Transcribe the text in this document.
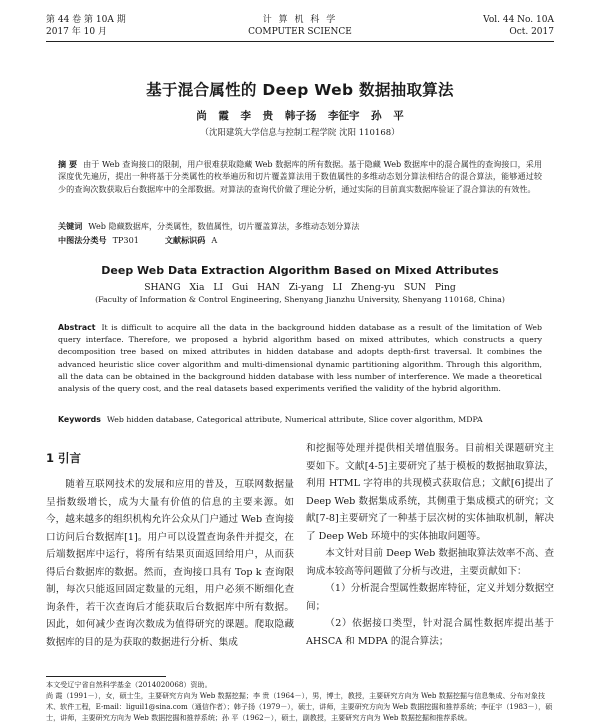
第 44 卷 第 10A 期
2017 年 10 月
计 算 机 科 学
COMPUTER SCIENCE
Vol. 44 No. 10A
Oct. 2017
基于混合属性的 Deep Web 数据抽取算法
尚 霞 李 贵 韩子扬 李征宇 孙 平
（沈阳建筑大学信息与控制工程学院 沈阳 110168）
摘 要 由于 Web 查询接口的限制，用户很难获取隐藏 Web 数据库的所有数据。基于隐藏 Web 数据库中的混合属性的查询接口，采用深度优先遍历，提出一种将基于分类属性的枚举遍历和切片覆盖算法用于数值属性的多维动态划分算法相结合的混合算法，能够通过较少的查询次数获取后台数据库中的全部数据。对算法的查询代价做了理论分析，通过实际的目前真实数据库验证了混合算法的有效性。
关键词 Web 隐藏数据库，分类属性，数值属性，切片覆盖算法，多维动态划分算法
中图法分类号 TP301	文献标识码 A
Deep Web Data Extraction Algorithm Based on Mixed Attributes
SHANG Xia LI Gui HAN Zi-yang LI Zheng-yu SUN Ping
(Faculty of Information & Control Engineering, Shenyang Jianzhu University, Shenyang 110168, China)
Abstract It is difficult to acquire all the data in the background hidden database as a result of the limitation of Web query interface. Therefore, we proposed a hybrid algorithm based on mixed attributes, which constructs a query decomposition tree based on mixed attributes in hidden database and adopts depth-first traversal. It combines the advanced heuristic slice cover algorithm and multi-dimensional dynamic partitioning algorithm. Through this algorithm, all the data can be obtained in the background hidden database with less number of interference. We made a theoretical analysis of the query cost, and the real datasets based experiments verified the validity of the hybrid algorithm.
Keywords Web hidden database, Categorical attribute, Numerical attribute, Slice cover algorithm, MDPA
1 引言

随着互联网技术的发展和应用的普及，互联网数据量呈指数级增长，成为大量有价值的信息的主要来源。如今，越来越多的组织机构允许公众从门户通过 Web 查询接口访问后台数据库[1]。用户可以设置查询条件并提交，在后端数据库中运行，将所有结果页面返回给用户，从而获得后台数据库的数据。然而，查询接口具有 Top k 查询限制，每次只能返回固定数量的元组，用户必须不断细化查询条件，若干次查询后才能获取后台数据库中所有数据。因此，如何减少查询次数成为值得研究的课题。爬取隐藏数据库的目的是为获取的数据进行分析、集成

和挖掘等处理并提供相关增值服务。目前相关课题研究主要如下。文献[4-5]主要研究了基于模板的数据抽取算法，利用 HTML 字符串的共现模式获取信息；文献[6]提出了 Deep Web 数据集成系统，其侧重于集成模式的研究；文献[7-8]主要研究了一种基于层次树的实体抽取机制，解决了 Deep Web 环境中的实体抽取问题等。

本文针对目前 Deep Web 数据抽取算法效率不高、查询成本较高等问题做了分析与改进，主要贡献如下：

（1）分析混合型属性数据库特征，定义并划分数据空间；

（2）依据接口类型，针对混合属性数据库提出基于 AHSCA 和 MDPA 的混合算法；

本文受辽宁省自然科学基金（2014020068）资助。
尚 霞（1991－），女，硕士生，主要研究方向为 Web 数据挖掘；李 贵（1964－），男，博士，教授，主要研究方向为 Web 数据挖掘与信息集成、分布对象技术、软件工程，E-mail：liguil1@sina.com（通信作者）；韩子扬（1979－），硕士，讲师，主要研究方向为 Web 数据挖掘和推荐系统；李征宇（1983－），硕士，讲师，主要研究方向为 Web 数据挖掘和推荐系统；孙 平（1962－），硕士，副教授，主要研究方向为 Web 数据挖掘和推荐系统。
